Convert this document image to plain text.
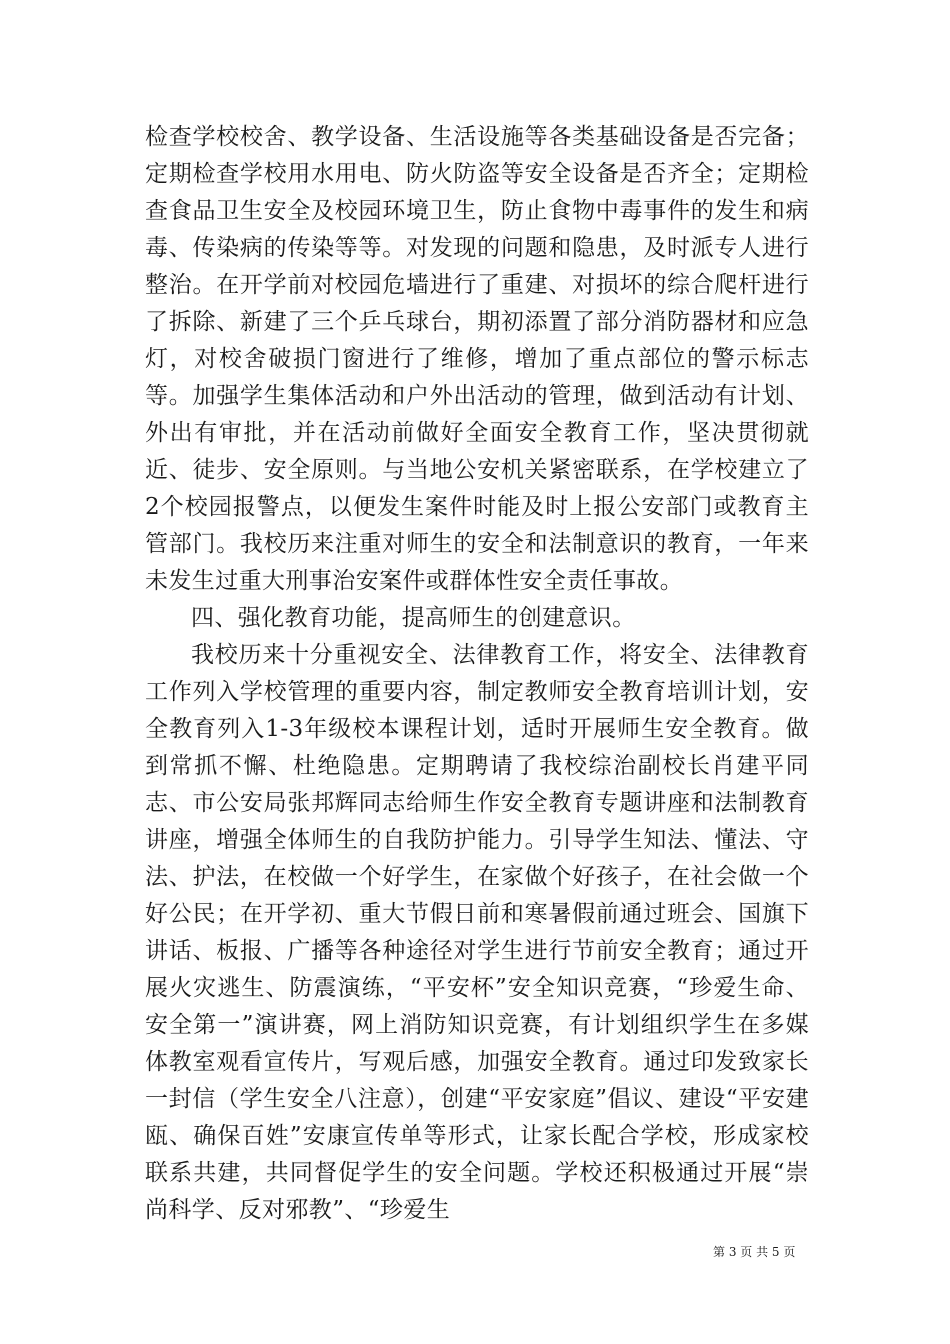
检查学校校舍、教学设备、生活设施等各类基础设备是否完备；定期检查学校用水用电、防火防盗等安全设备是否齐全；定期检查食品卫生安全及校园环境卫生，防止食物中毒事件的发生和病毒、传染病的传染等等。对发现的问题和隐患，及时派专人进行整治。在开学前对校园危墙进行了重建、对损坏的综合爬杆进行了拆除、新建了三个乒乓球台，期初添置了部分消防器材和应急灯，对校舍破损门窗进行了维修，增加了重点部位的警示标志等。加强学生集体活动和户外出活动的管理，做到活动有计划、外出有审批，并在活动前做好全面安全教育工作，坚决贯彻就近、徒步、安全原则。与当地公安机关紧密联系，在学校建立了2个校园报警点，以便发生案件时能及时上报公安部门或教育主管部门。我校历来注重对师生的安全和法制意识的教育，一年来未发生过重大刑事治安案件或群体性安全责任事故。

四、强化教育功能，提高师生的创建意识。

我校历来十分重视安全、法律教育工作，将安全、法律教育工作列入学校管理的重要内容，制定教师安全教育培训计划，安全教育列入1-3年级校本课程计划，适时开展师生安全教育。做到常抓不懈、杜绝隐患。定期聘请了我校综治副校长肖建平同志、市公安局张邦辉同志给师生作安全教育专题讲座和法制教育讲座，增强全体师生的自我防护能力。引导学生知法、懂法、守法、护法，在校做一个好学生，在家做个好孩子，在社会做一个好公民；在开学初、重大节假日前和寒暑假前通过班会、国旗下讲话、板报、广播等各种途径对学生进行节前安全教育；通过开展火灾逃生、防震演练，“平安杯”安全知识竞赛，“珍爱生命、安全第一”演讲赛，网上消防知识竞赛，有计划组织学生在多媒体教室观看宣传片，写观后感，加强安全教育。通过印发致家长一封信（学生安全八注意），创建“平安家庭”倡议、建设“平安建瓯、确保百姓”安康宣传单等形式，让家长配合学校，形成家校联系共建，共同督促学生的安全问题。学校还积极通过开展“崇尚科学、反对邪教”、“珍爱生

第 3 页 共 5 页
